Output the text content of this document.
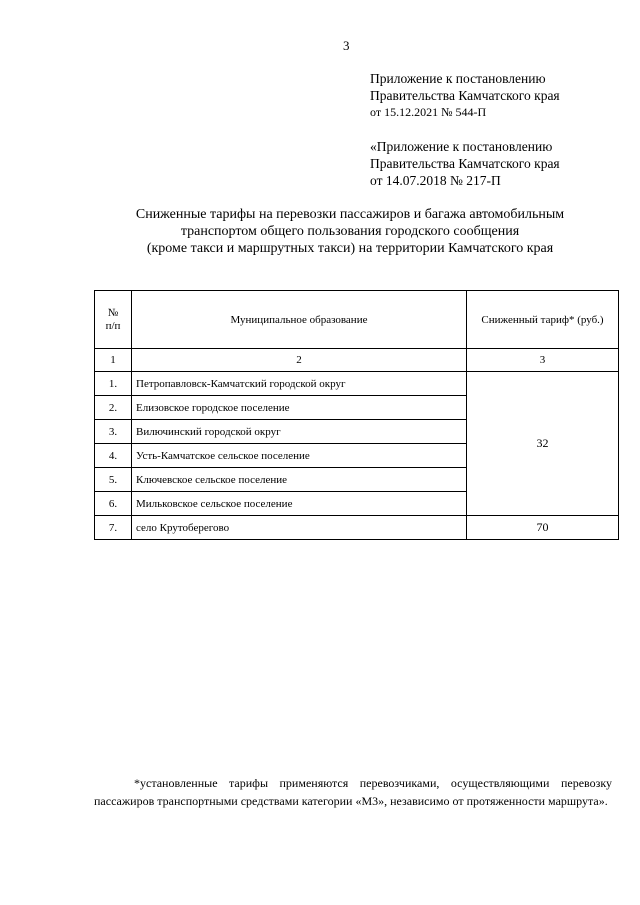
3
Приложение к постановлению
Правительства Камчатского края
от 15.12.2021 № 544-П
«Приложение к постановлению
Правительства Камчатского края
от 14.07.2018 № 217-П
Сниженные тарифы на перевозки пассажиров и багажа автомобильным
транспортом общего пользования городского сообщения
(кроме такси и маршрутных такси) на территории Камчатского края
№
п/п	Муниципальное образование	Сниженный тариф* (руб.)
1	2	3
1.	Петропавловск-Камчатский городской округ	32
2.	Елизовское городское поселение	
3.	Вилючинский городской округ	
4.	Усть-Камчатское сельское поселение	
5.	Ключевское сельское поселение	
6.	Мильковское сельское поселение	
7.	село Крутоберегово	70
*установленные тарифы применяются перевозчиками, осуществляющими перевозку пассажиров транспортными средствами категории «М3», независимо от протяженности маршрута».
